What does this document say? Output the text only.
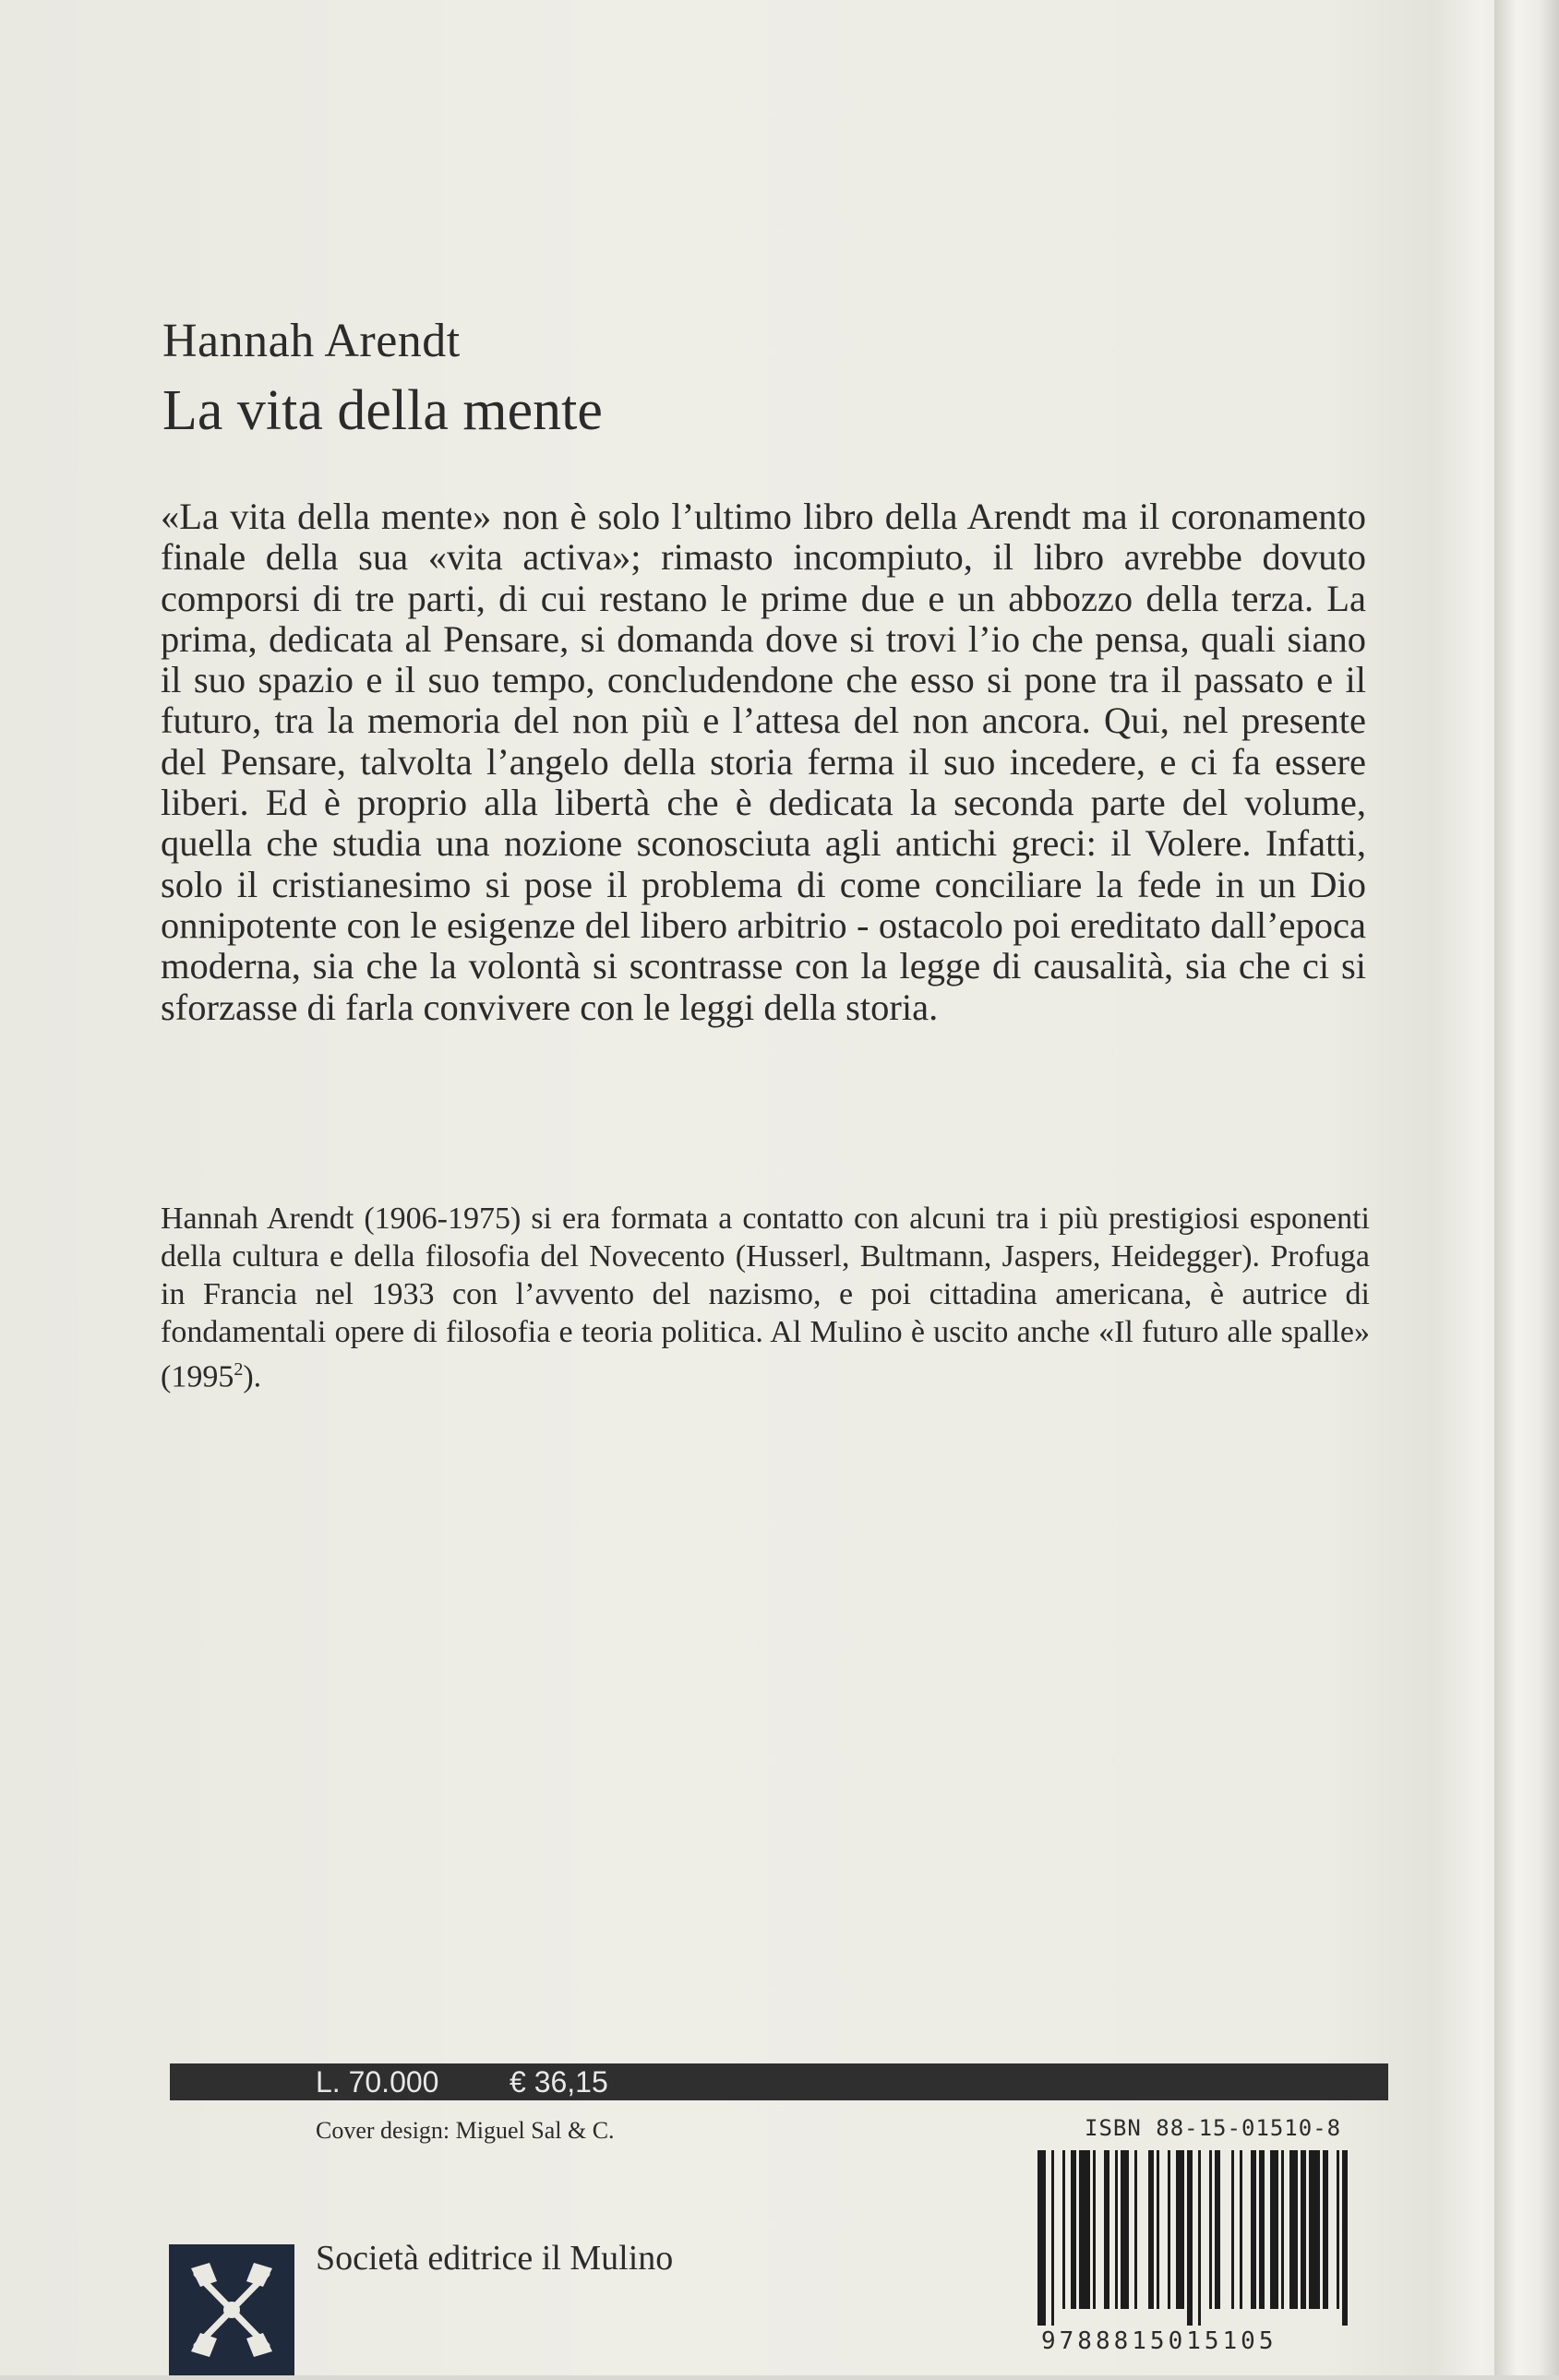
Hannah Arendt
La vita della mente
«La vita della mente» non è solo l’ultimo libro della Arendt ma il coronamento finale della sua «vita activa»; rimasto incompiuto, il libro avrebbe dovuto comporsi di tre parti, di cui restano le prime due e un abbozzo della terza. La prima, dedicata al Pensare, si domanda dove si trovi l’io che pensa, quali siano il suo spazio e il suo tempo, concludendone che esso si pone tra il passato e il futuro, tra la memoria del non più e l’attesa del non ancora. Qui, nel presente del Pensare, talvolta l’angelo della storia ferma il suo incedere, e ci fa essere liberi. Ed è proprio alla libertà che è dedicata la seconda parte del volume, quella che studia una nozione sconosciuta agli antichi greci: il Volere. Infatti, solo il cristianesimo si pose il problema di come conciliare la fede in un Dio onnipotente con le esigenze del libero arbitrio - ostacolo poi ereditato dall’epoca moderna, sia che la volontà si scontrasse con la legge di causalità, sia che ci si sforzasse di farla convivere con le leggi della storia.
Hannah Arendt (1906-1975) si era formata a contatto con alcuni tra i più prestigiosi esponenti della cultura e della filosofia del Novecento (Husserl, Bultmann, Jaspers, Heidegger). Profuga in Francia nel 1933 con l’avvento del nazismo, e poi cittadina americana, è autrice di fondamentali opere di filosofia e teoria politica. Al Mulino è uscito anche «Il futuro alle spalle» (1995$^2$).
L. 70.000 € 36,15
Cover design: Miguel Sal & C.	ISBN 88-15-01510-8
9788815015105
Società editrice il Mulino
